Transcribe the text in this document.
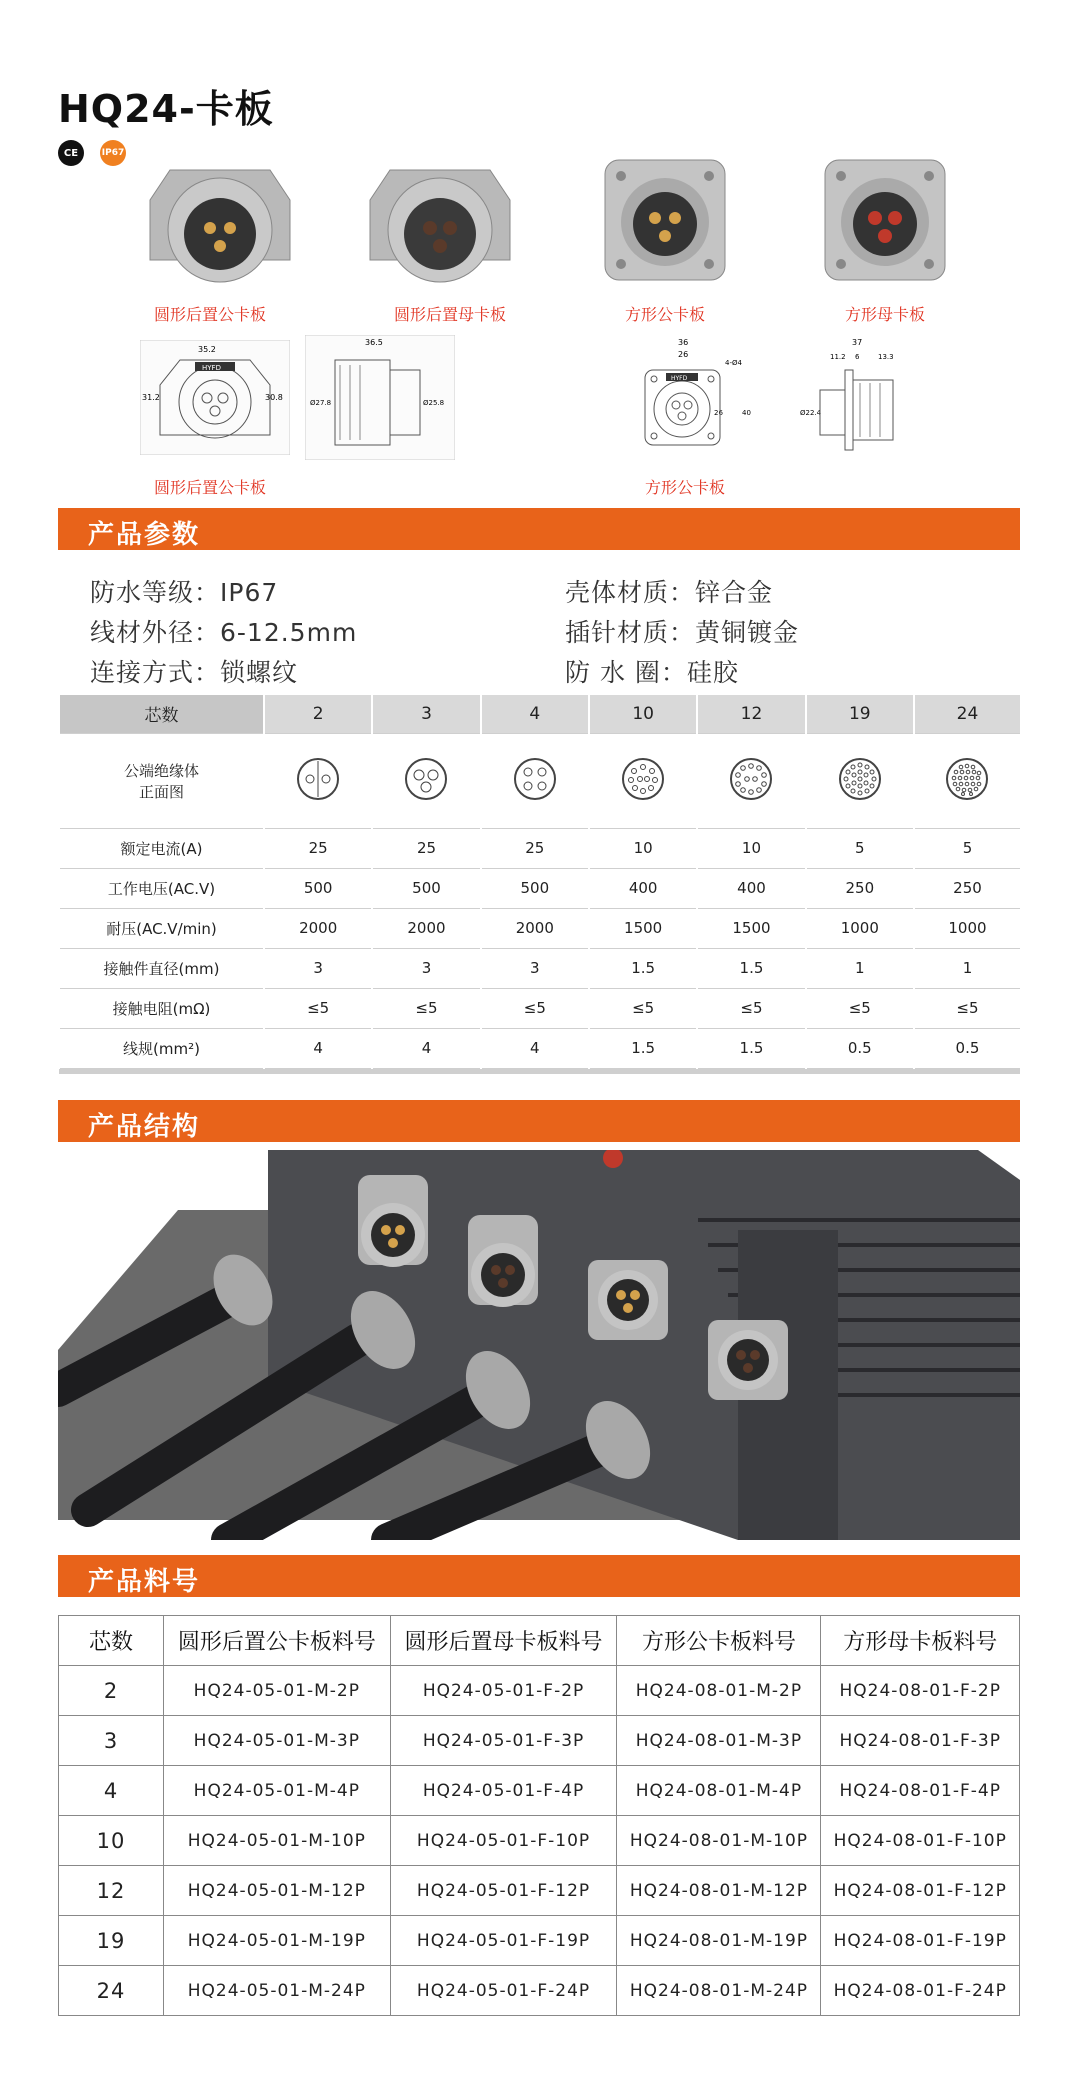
HQ24-卡板
CE	IP67
圆形后置公卡板	圆形后置母卡板	方形公卡板	方形母卡板
35.2
31.2	30.8
HYFD
36.5
Ø27.8	Ø25.8
36
26
4-Ø4
26	40
HYFD
37
11.2 6	13.3
Ø22.4
圆形后置公卡板	方形公卡板
产品参数
防水等级：IP67
线材外径：6-12.5mm
连接方式：锁螺纹
壳体材质：锌合金
插针材质：黄铜镀金
防 水 圈：硅胶
芯数	2	3	4	10	12	19	24

公端绝缘体
正面图

额定电流(A)	25	25	25	10	10	5	5
工作电压(AC.V)	500	500	500	400	400	250	250
耐压(AC.V/min)	2000	2000	2000	1500	1500	1000	1000
接触件直径(mm)	3	3	3	1.5	1.5	1	1
接触电阻(mΩ)	≤5	≤5	≤5	≤5	≤5	≤5	≤5
线规(mm²)	4	4	4	1.5	1.5	0.5	0.5

产品结构
产品料号
芯数	圆形后置公卡板料号	圆形后置母卡板料号	方形公卡板料号	方形母卡板料号
2	HQ24-05-01-M-2P	HQ24-05-01-F-2P	HQ24-08-01-M-2P	HQ24-08-01-F-2P
3	HQ24-05-01-M-3P	HQ24-05-01-F-3P	HQ24-08-01-M-3P	HQ24-08-01-F-3P
4	HQ24-05-01-M-4P	HQ24-05-01-F-4P	HQ24-08-01-M-4P	HQ24-08-01-F-4P
10	HQ24-05-01-M-10P	HQ24-05-01-F-10P	HQ24-08-01-M-10P	HQ24-08-01-F-10P
12	HQ24-05-01-M-12P	HQ24-05-01-F-12P	HQ24-08-01-M-12P	HQ24-08-01-F-12P
19	HQ24-05-01-M-19P	HQ24-05-01-F-19P	HQ24-08-01-M-19P	HQ24-08-01-F-19P
24	HQ24-05-01-M-24P	HQ24-05-01-F-24P	HQ24-08-01-M-24P	HQ24-08-01-F-24P
